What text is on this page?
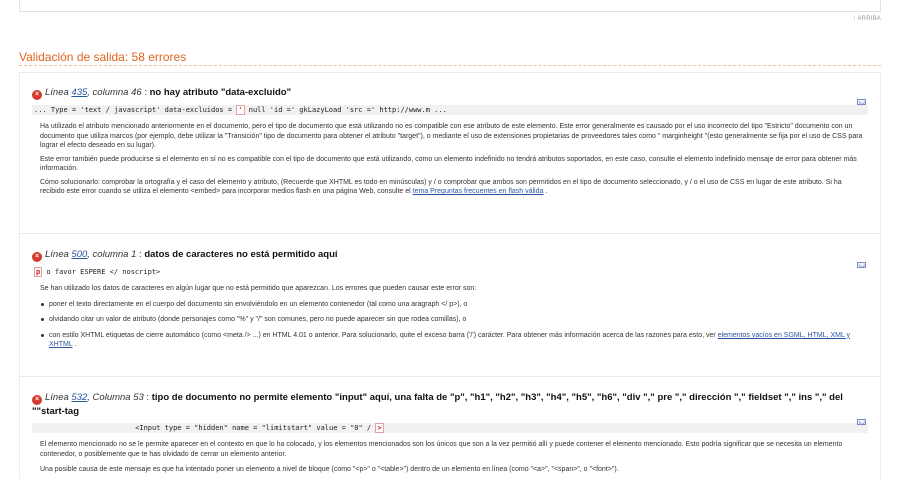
↑ ARRIBA
Validación de salida: 58 errores
× Línea 435, columna 46 : no hay atributo "data-excluido"
... Type = 'text / javascript' data-excluidos = ' null 'id =' gkLazyLoad 'src =' http://www.m ...

Ha utilizado el atributo mencionado anteriormente en el documento, pero el tipo de documento que está utilizando no es compatible con ese atributo de este elemento. Este error generalmente es causado por el uso incorrecto del tipo "Estricto" documento con un documento que utiliza marcos (por ejemplo, debe utilizar la "Transición" tipo de documento para obtener el atributo "target"), o mediante el uso de extensiones propietarias de proveedores tales como " marginheight "(esto generalmente se fija por el uso de CSS para lograr el efecto deseado en su lugar).

Este error también puede producirse si el elemento en sí no es compatible con el tipo de documento que está utilizando, como un elemento indefinido no tendrá atributos soportados, en este caso, consulte el elemento indefinido mensaje de error para obtener más información.

Cómo solucionarlo: comprobar la ortografía y el caso del elemento y atributo, (Recuerde que XHTML es todo en minúsculas) y / o comprobar que ambos son permitidos en el tipo de documento seleccionado, y / o el uso de CSS en lugar de este atributo. Si ha recibido este error cuando se utiliza el elemento <embed> para incorporar medios flash en una página Web, consulte el tema Preguntas frecuentes en flash válida .

× Línea 500, columna 1 : datos de caracteres no está permitido aquí
p o favor ESPERE </ noscript>

Se han utilizado los datos de caracteres en algún lugar que no está permitido que aparezcan. Los errores que pueden causar este error son:

poner el texto directamente en el cuerpo del documento sin envolviéndolo en un elemento contenedor (tal como una aragraph </ p>), o
olvidando citar un valor de atributo (donde personajes como "%" y "/" son comunes, pero no puede aparecer sin que rodea comillas), o
con estilo XHTML etiquetas de cierre automático (como <meta /> ...) en HTML 4.01 o anterior. Para solucionarlo, quite el exceso barra ('/') carácter. Para obtener más información acerca de las razones para esto, ver elementos vacíos en SGML, HTML, XML y XHTML .
× Línea 532, Columna 53 : tipo de documento no permite elemento "input" aquí, una falta de "p", "h1", "h2", "h3", "h4", "h5", "h6", "div "," pre "," dirección "," fieldset "," ins "," del ""start-tag
<Input type = "hidden" name = "limitstart" value = "0" / >

El elemento mencionado no se le permite aparecer en el contexto en que lo ha colocado, y los elementos mencionados son los únicos que son a la vez permitió allí y puede contener el elemento mencionado. Esto podría significar que se necesita un elemento contenedor, o posiblemente que te has olvidado de cerrar un elemento anterior.

Una posible causa de este mensaje es que ha intentado poner un elemento a nivel de bloque (como "<p>" o "<table>") dentro de un elemento en línea (como "<a>", "<span>", o "<font>").
